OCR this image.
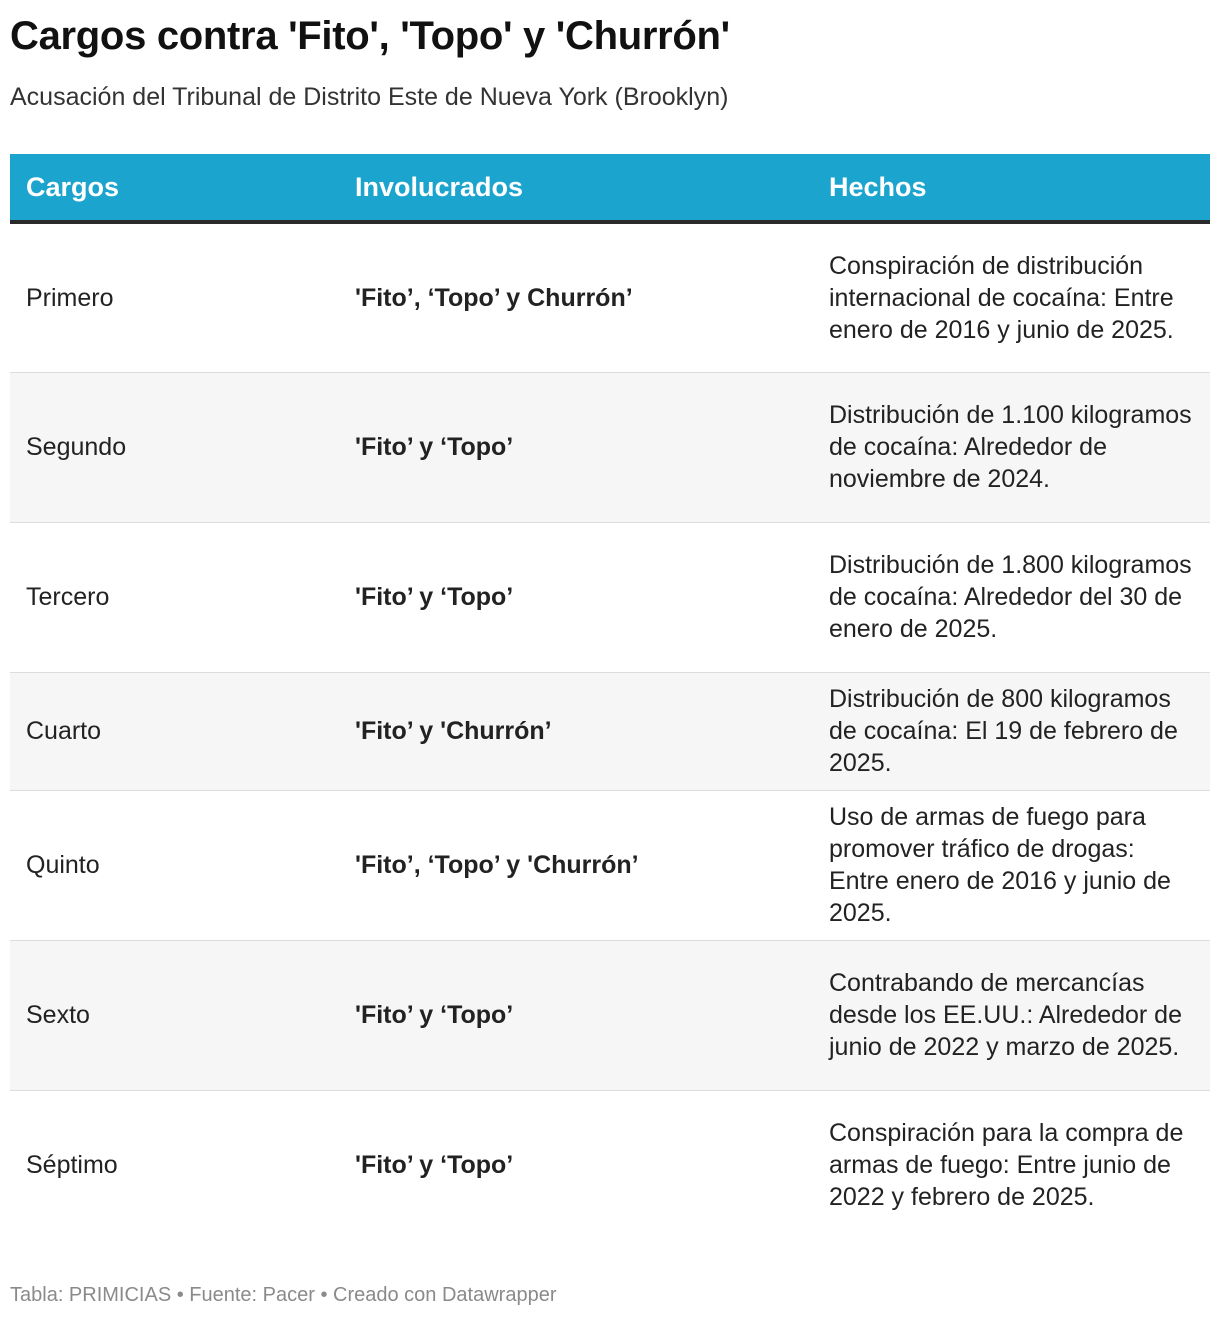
Cargos contra 'Fito', 'Topo' y 'Churrón'
Acusación del Tribunal de Distrito Este de Nueva York (Brooklyn)
Cargos	Involucrados	Hechos
Primero	'Fito’, ‘Topo’ y Churrón’	Conspiración de distribución internacional de cocaína: Entre enero de 2016 y junio de 2025.
Segundo	'Fito’ y ‘Topo’	Distribución de 1.100 kilogramos de cocaína: Alrededor de noviembre de 2024.
Tercero	'Fito’ y ‘Topo’	Distribución de 1.800 kilogramos de cocaína: Alrededor del 30 de enero de 2025.
Cuarto	'Fito’ y 'Churrón’	Distribución de 800 kilogramos de cocaína: El 19 de febrero de 2025.
Quinto	'Fito’, ‘Topo’ y 'Churrón’	Uso de armas de fuego para promover tráfico de drogas: Entre enero de 2016 y junio de 2025.
Sexto	'Fito’ y ‘Topo’	Contrabando de mercancías desde los EE.UU.: Alrededor de junio de 2022 y marzo de 2025.
Séptimo	'Fito’ y ‘Topo’	Conspiración para la compra de armas de fuego: Entre junio de 2022 y febrero de 2025.
Tabla: PRIMICIAS • Fuente: Pacer • Creado con Datawrapper
